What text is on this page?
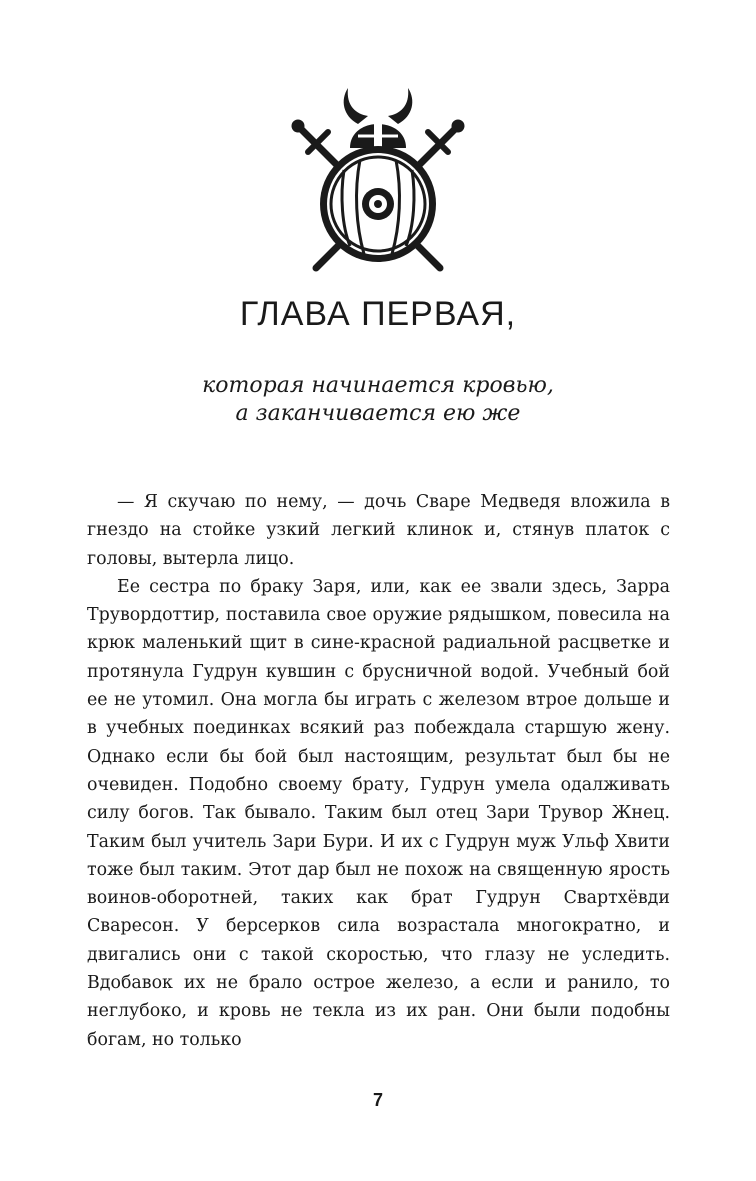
ГЛАВА ПЕРВАЯ,
которая начинается кровью,
а заканчивается ею же

— Я скучаю по нему, — дочь Сваре Медведя вложила в гнездо на стойке узкий легкий клинок и, стянув платок с головы, вытерла лицо.

Ее сестра по браку Заря, или, как ее звали здесь, Зарра Трувордоттир, поставила свое оружие рядышком, повесила на крюк маленький щит в сине-красной радиальной расцветке и протянула Гудрун кувшин с брусничной водой. Учебный бой ее не утомил. Она могла бы играть с железом втрое дольше и в учебных поединках всякий раз побеждала старшую жену. Однако если бы бой был настоящим, результат был бы не очевиден. Подобно своему брату, Гудрун умела одалживать силу богов. Так бывало. Таким был отец Зари Трувор Жнец. Таким был учитель Зари Бури. И их с Гудрун муж Ульф Хвити тоже был таким. Этот дар был не похож на священную ярость воинов-оборотней, таких как брат Гудрун Свартхёвди Сваресон. У берсерков сила возрастала многократно, и двигались они с такой скоростью, что глазу не уследить. Вдобавок их не брало острое железо, а если и ранило, то неглубоко, и кровь не текла из их ран. Они были подобны богам, но только

7
